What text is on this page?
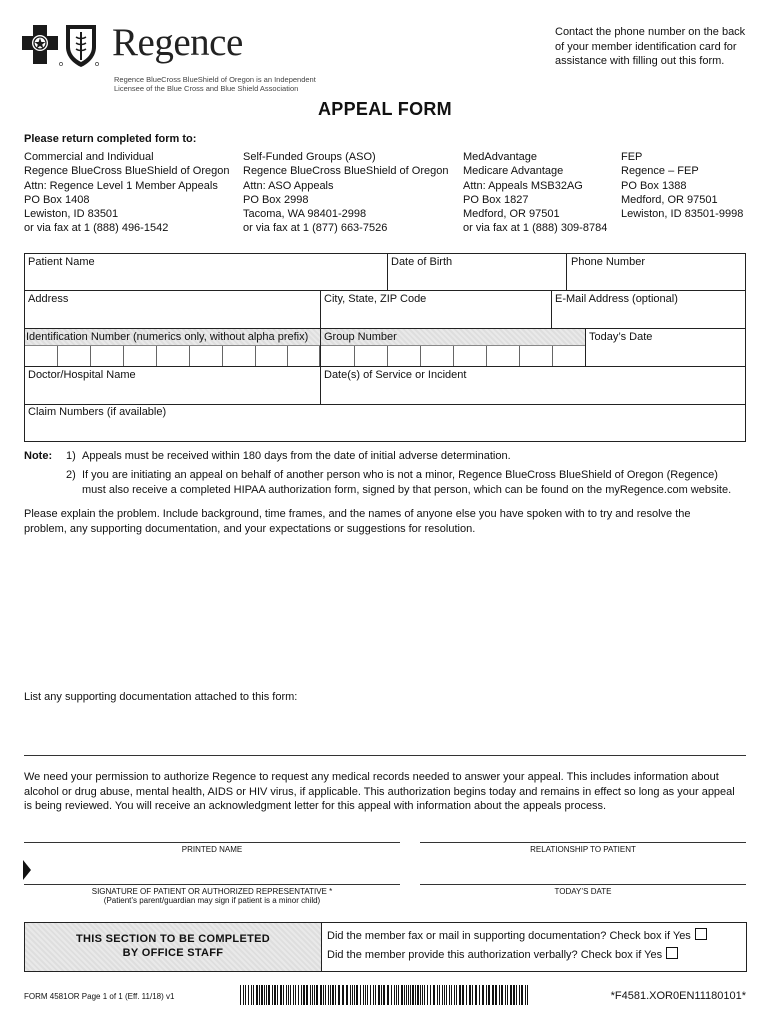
Regence
Regence BlueCross BlueShield of Oregon is an Independent
Licensee of the Blue Cross and Blue Shield Association
Contact the phone number on the back of your member identification card for assistance with filling out this form.
APPEAL FORM
Please return completed form to:
Commercial and Individual
Regence BlueCross BlueShield of Oregon
Attn: Regence Level 1 Member Appeals
PO Box 1408
Lewiston, ID 83501
or via fax at 1 (888) 496-1542
Self-Funded Groups (ASO)
Regence BlueCross BlueShield of Oregon
Attn: ASO Appeals
PO Box 2998
Tacoma, WA 98401-2998
or via fax at 1 (877) 663-7526
MedAdvantage
Medicare Advantage
Attn: Appeals MSB32AG
PO Box 1827
Medford, OR 97501
or via fax at 1 (888) 309-8784
FEP
Regence – FEP
PO Box 1388
Medford, OR 97501
Lewiston, ID 83501-9998
Patient Name	Date of Birth	Phone Number
Address	City, State, ZIP Code	E-Mail Address (optional)
Identification Number (numerics only, without alpha prefix) Group Number	Today’s Date
Doctor/Hospital Name	Date(s) of Service or Incident
Claim Numbers (if available)
Note: 1) Appeals must be received within 180 days from the date of initial adverse determination.
2) If you are initiating an appeal on behalf of another person who is not a minor, Regence BlueCross BlueShield of Oregon (Regence)
must also receive a completed HIPAA authorization form, signed by that person, which can be found on the myRegence.com website.
Please explain the problem. Include background, time frames, and the names of anyone else you have spoken with to try and resolve the
problem, any supporting documentation, and your expectations or suggestions for resolution.
List any supporting documentation attached to this form:
We need your permission to authorize Regence to request any medical records needed to answer your appeal. This includes information about
alcohol or drug abuse, mental health, AIDS or HIV virus, if applicable. This authorization begins today and remains in effect so long as your appeal
is being reviewed. You will receive an acknowledgment letter for this appeal with information about the appeals process.
PRINTED NAME	RELATIONSHIP TO PATIENT
SIGNATURE OF PATIENT OR AUTHORIZED REPRESENTATIVE *
(Patient’s parent/guardian may sign if patient is a minor child)
TODAY’S DATE
THIS SECTION TO BE COMPLETED
BY OFFICE STAFF
Did the member fax or mail in supporting documentation? Check box if Yes
Did the member provide this authorization verbally? Check box if Yes
FORM 4581OR Page 1 of 1 (Eff. 11/18) v1	*F4581.XOR0EN11180101*
